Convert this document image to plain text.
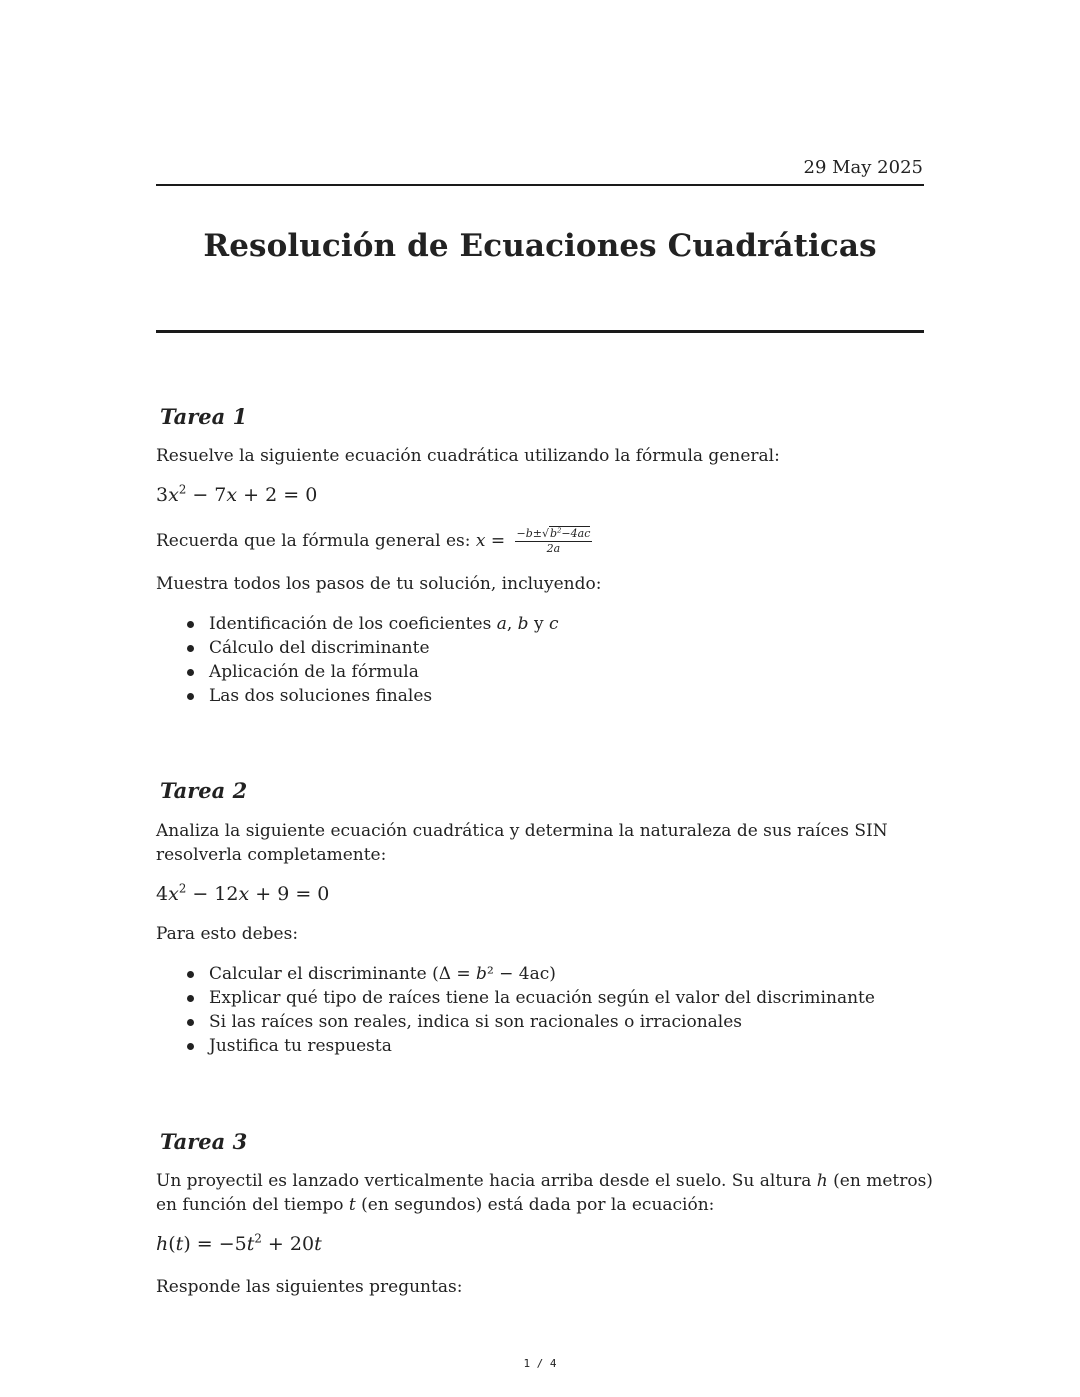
29 May 2025
Resolución de Ecuaciones Cuadráticas
Tarea 1
Resuelve la siguiente ecuación cuadrática utilizando la fórmula general:
$3x^2 - 7x + 2 = 0$
Recuerda que la fórmula general es: $x = \frac{-b\pm√b^2-4ac}{2a}$
Muestra todos los pasos de tu solución, incluyendo:
Identificación de los coeficientes a, b y c
Cálculo del discriminante
Aplicación de la fórmula
Las dos soluciones finales
Tarea 2
Analiza la siguiente ecuación cuadrática y determina la naturaleza de sus raíces SIN
resolverla completamente:
$4x^2 - 12x + 9 = 0$
Para esto debes:
Calcular el discriminante (Δ = b² − 4ac)
Explicar qué tipo de raíces tiene la ecuación según el valor del discriminante
Si las raíces son reales, indica si son racionales o irracionales
Justifica tu respuesta
Tarea 3
Un proyectil es lanzado verticalmente hacia arriba desde el suelo. Su altura h (en metros)
en función del tiempo t (en segundos) está dada por la ecuación:
$h(t) = -5t^2 + 20t$
Responde las siguientes preguntas:
1 / 4
